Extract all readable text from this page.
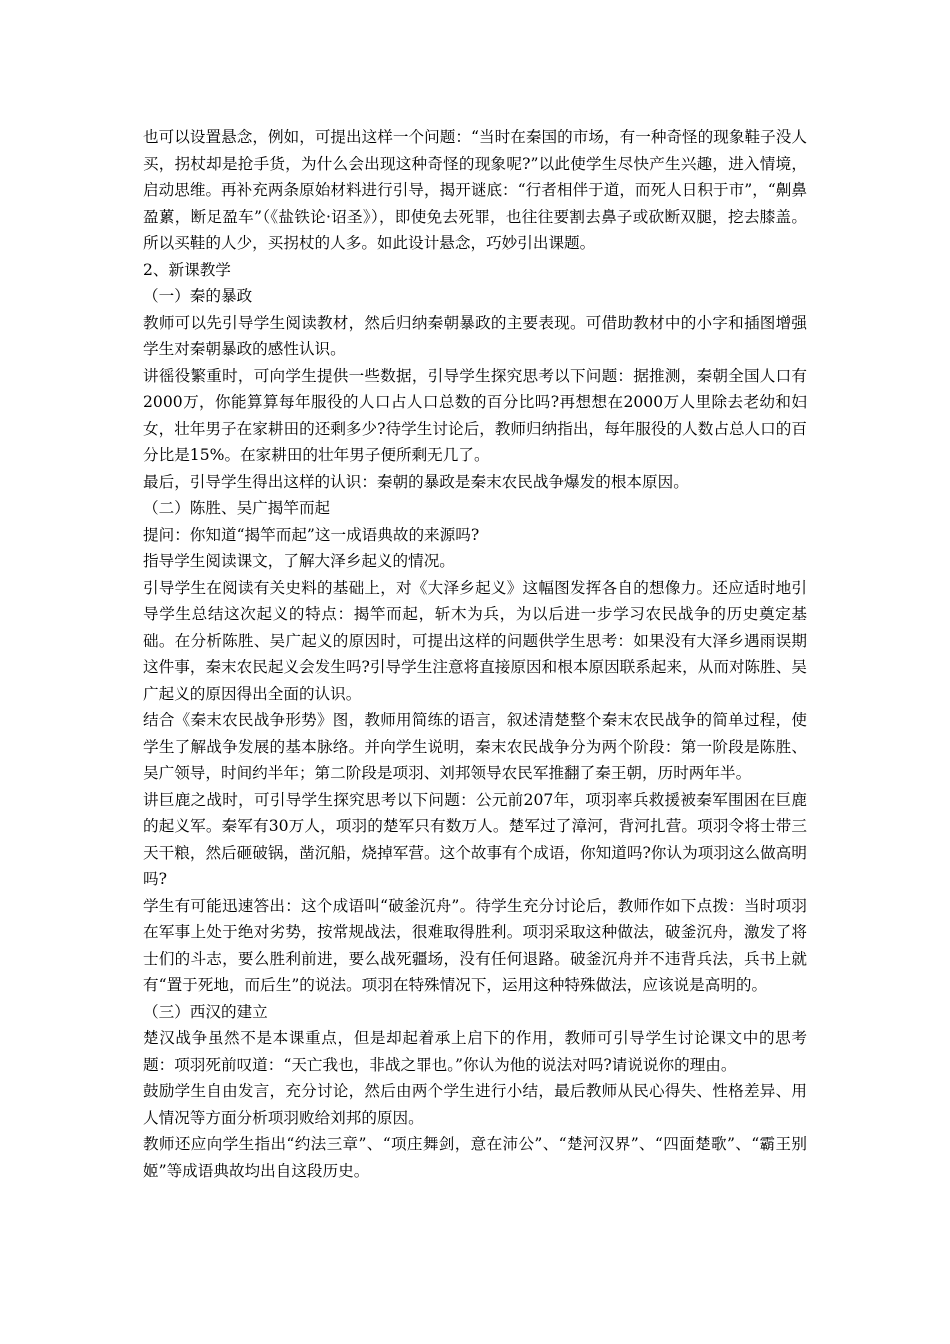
也可以设置悬念，例如，可提出这样一个问题：“当时在秦国的市场，有一种奇怪的现象鞋子没人买，拐杖却是抢手货，为什么会出现这种奇怪的现象呢?”以此使学生尽快产生兴趣，进入情境，启动思维。再补充两条原始材料进行引导，揭开谜底：“行者相伴于道，而死人日积于市”，“劓鼻盈蔂，断足盈车”（《盐铁论·诏圣》），即使免去死罪，也往往要割去鼻子或砍断双腿，挖去膝盖。所以买鞋的人少，买拐杖的人多。如此设计悬念，巧妙引出课题。

2、新课教学

（一）秦的暴政

教师可以先引导学生阅读教材，然后归纳秦朝暴政的主要表现。可借助教材中的小字和插图增强学生对秦朝暴政的感性认识。

讲徭役繁重时，可向学生提供一些数据，引导学生探究思考以下问题：据推测，秦朝全国人口有2000万，你能算算每年服役的人口占人口总数的百分比吗?再想想在2000万人里除去老幼和妇女，壮年男子在家耕田的还剩多少?待学生讨论后，教师归纳指出，每年服役的人数占总人口的百分比是15%。在家耕田的壮年男子便所剩无几了。

最后，引导学生得出这样的认识：秦朝的暴政是秦末农民战争爆发的根本原因。

（二）陈胜、吴广揭竿而起

提问：你知道“揭竿而起”这一成语典故的来源吗?

指导学生阅读课文，了解大泽乡起义的情况。

引导学生在阅读有关史料的基础上，对《大泽乡起义》这幅图发挥各自的想像力。还应适时地引导学生总结这次起义的特点：揭竿而起，斩木为兵，为以后进一步学习农民战争的历史奠定基础。在分析陈胜、吴广起义的原因时，可提出这样的问题供学生思考：如果没有大泽乡遇雨误期这件事，秦末农民起义会发生吗?引导学生注意将直接原因和根本原因联系起来，从而对陈胜、吴广起义的原因得出全面的认识。

结合《秦末农民战争形势》图，教师用简练的语言，叙述清楚整个秦末农民战争的简单过程，使学生了解战争发展的基本脉络。并向学生说明，秦末农民战争分为两个阶段：第一阶段是陈胜、吴广领导，时间约半年；第二阶段是项羽、刘邦领导农民军推翻了秦王朝，历时两年半。

讲巨鹿之战时，可引导学生探究思考以下问题：公元前207年，项羽率兵救援被秦军围困在巨鹿的起义军。秦军有30万人，项羽的楚军只有数万人。楚军过了漳河，背河扎营。项羽令将士带三天干粮，然后砸破锅，凿沉船，烧掉军营。这个故事有个成语，你知道吗?你认为项羽这么做高明吗?

学生有可能迅速答出：这个成语叫“破釜沉舟”。待学生充分讨论后，教师作如下点拨：当时项羽在军事上处于绝对劣势，按常规战法，很难取得胜利。项羽采取这种做法，破釜沉舟，激发了将士们的斗志，要么胜利前进，要么战死疆场，没有任何退路。破釜沉舟并不违背兵法，兵书上就有“置于死地，而后生”的说法。项羽在特殊情况下，运用这种特殊做法，应该说是高明的。

（三）西汉的建立

楚汉战争虽然不是本课重点，但是却起着承上启下的作用，教师可引导学生讨论课文中的思考题：项羽死前叹道：“天亡我也，非战之罪也。”你认为他的说法对吗?请说说你的理由。

鼓励学生自由发言，充分讨论，然后由两个学生进行小结，最后教师从民心得失、性格差异、用人情况等方面分析项羽败给刘邦的原因。

教师还应向学生指出“约法三章”、“项庄舞剑，意在沛公”、“楚河汉界”、“四面楚歌”、“霸王别姬”等成语典故均出自这段历史。
